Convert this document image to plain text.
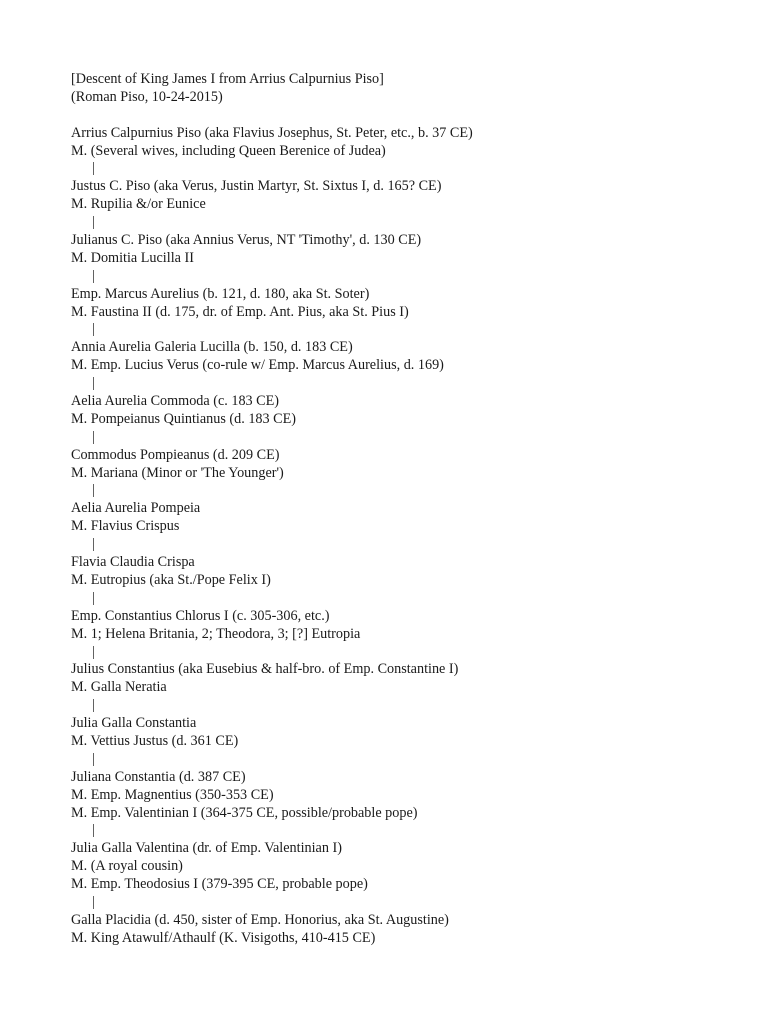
[Descent of King James I from Arrius Calpurnius Piso]
(Roman Piso, 10-24-2015)
Arrius Calpurnius Piso (aka Flavius Josephus, St. Peter, etc., b. 37 CE)
M. (Several wives, including Queen Berenice of Judea)
|
Justus C. Piso (aka Verus, Justin Martyr, St. Sixtus I, d. 165? CE)
M. Rupilia &/or Eunice
|
Julianus C. Piso (aka Annius Verus, NT 'Timothy', d. 130 CE)
M. Domitia Lucilla II
|
Emp. Marcus Aurelius (b. 121, d. 180, aka St. Soter)
M. Faustina II (d. 175, dr. of Emp. Ant. Pius, aka St. Pius I)
|
Annia Aurelia Galeria Lucilla (b. 150, d. 183 CE)
M. Emp. Lucius Verus (co-rule w/ Emp. Marcus Aurelius, d. 169)
|
Aelia Aurelia Commoda (c. 183 CE)
M. Pompeianus Quintianus (d. 183 CE)
|
Commodus Pompieanus (d. 209 CE)
M. Mariana (Minor or 'The Younger')
|
Aelia Aurelia Pompeia
M. Flavius Crispus
|
Flavia Claudia Crispa
M. Eutropius (aka St./Pope Felix I)
|
Emp. Constantius Chlorus I (c. 305-306, etc.)
M. 1; Helena Britania, 2; Theodora, 3; [?] Eutropia
|
Julius Constantius (aka Eusebius & half-bro. of Emp. Constantine I)
M. Galla Neratia
|
Julia Galla Constantia
M. Vettius Justus (d. 361 CE)
|
Juliana Constantia (d. 387 CE)
M. Emp. Magnentius (350-353 CE)
M. Emp. Valentinian I (364-375 CE, possible/probable pope)
|
Julia Galla Valentina (dr. of Emp. Valentinian I)
M. (A royal cousin)
M. Emp. Theodosius I (379-395 CE, probable pope)
|
Galla Placidia (d. 450, sister of Emp. Honorius, aka St. Augustine)
M. King Atawulf/Athaulf (K. Visigoths, 410-415 CE)
